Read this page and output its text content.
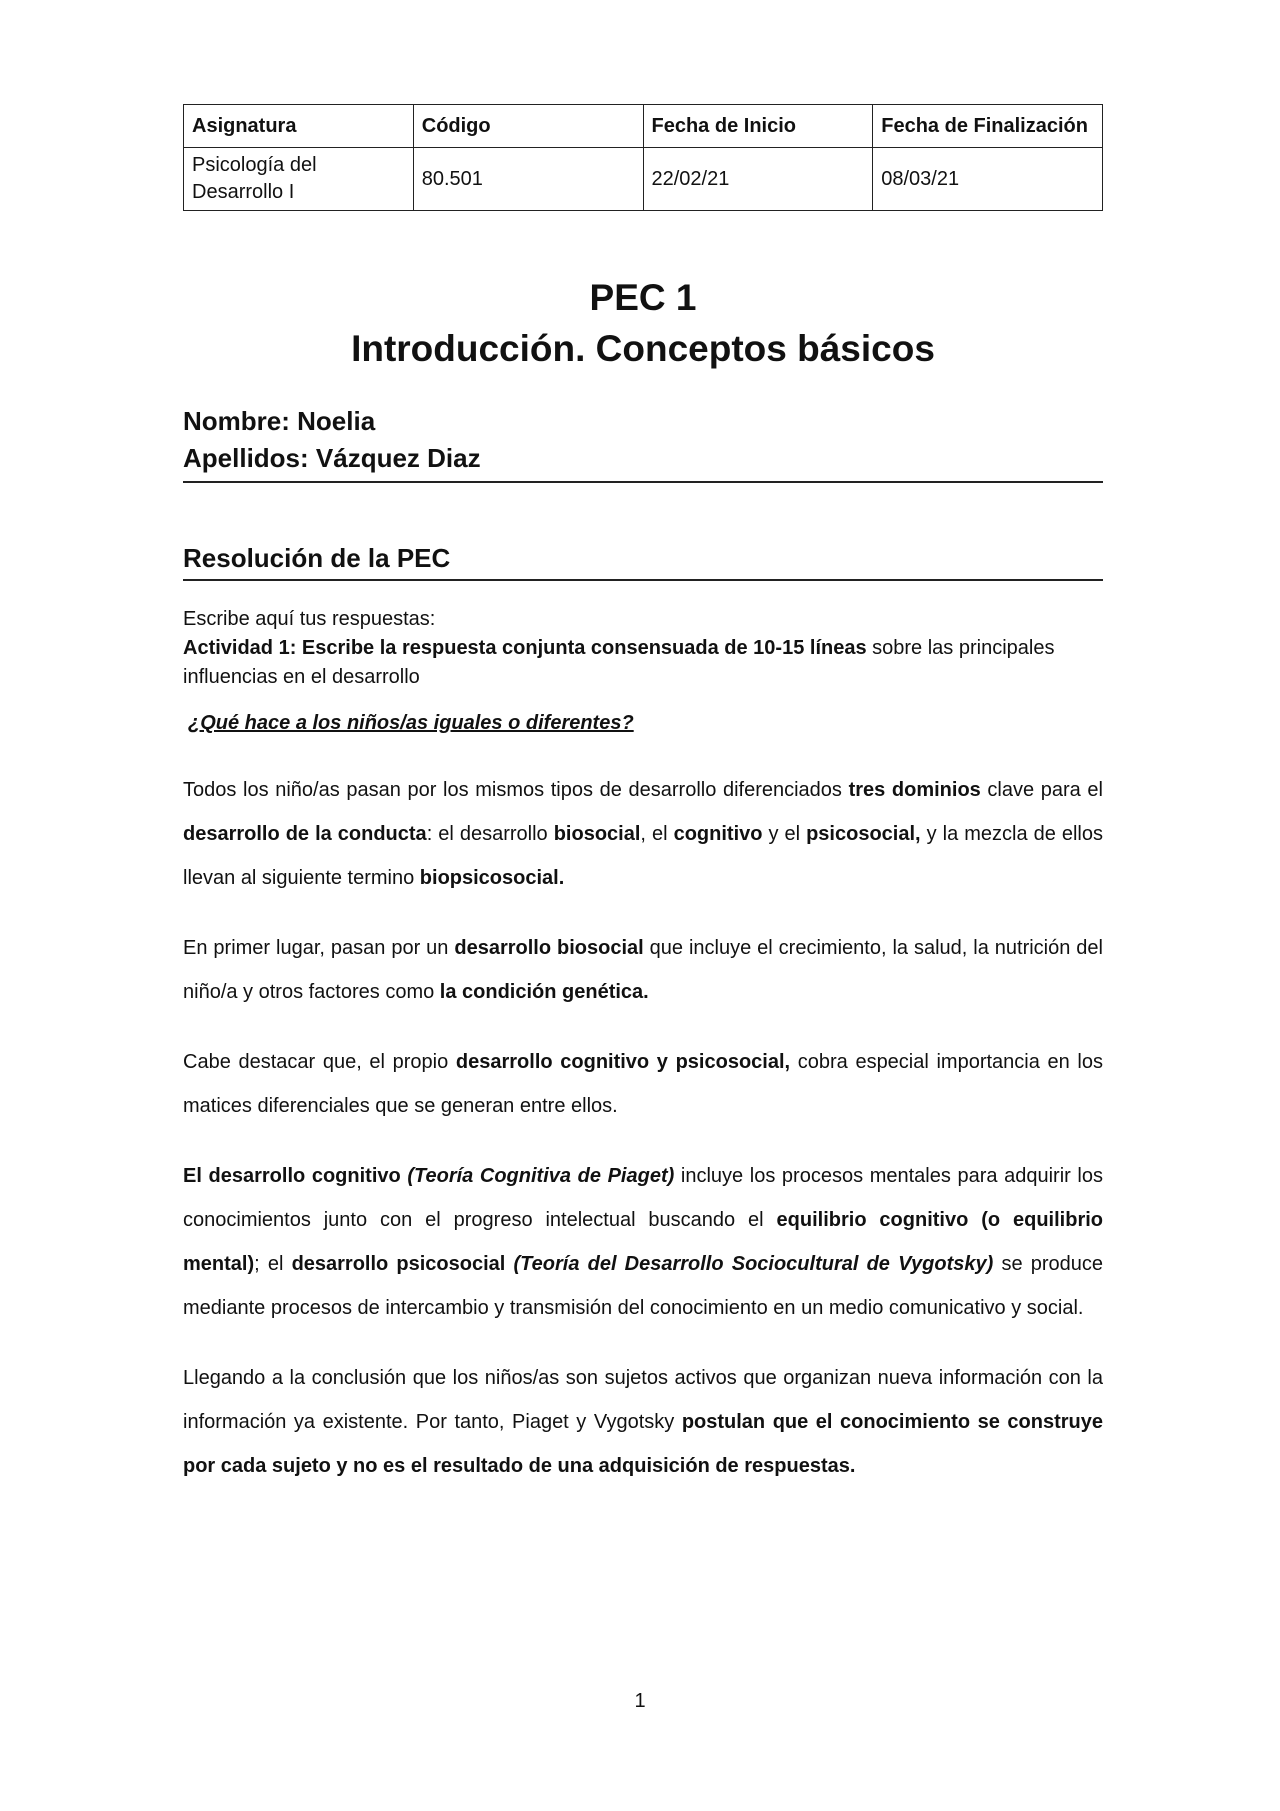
Asignatura	Código	Fecha de Inicio	Fecha de Finalización
Psicología del Desarrollo I	80.501	22/02/21	08/03/21
PEC 1
Introducción. Conceptos básicos
Nombre: Noelia
Apellidos: Vázquez Diaz
Resolución de la PEC
Escribe aquí tus respuestas:
Actividad 1: Escribe la respuesta conjunta consensuada de 10-15 líneas sobre las principales influencias en el desarrollo
¿Qué hace a los niños/as iguales o diferentes?

Todos los niño/as pasan por los mismos tipos de desarrollo diferenciados tres dominios clave para el desarrollo de la conducta: el desarrollo biosocial, el cognitivo y el psicosocial, y la mezcla de ellos llevan al siguiente termino biopsicosocial.

En primer lugar, pasan por un desarrollo biosocial que incluye el crecimiento, la salud, la nutrición del niño/a y otros factores como la condición genética.

Cabe destacar que, el propio desarrollo cognitivo y psicosocial, cobra especial importancia en los matices diferenciales que se generan entre ellos.

El desarrollo cognitivo (Teoría Cognitiva de Piaget) incluye los procesos mentales para adquirir los conocimientos junto con el progreso intelectual buscando el equilibrio cognitivo (o equilibrio mental); el desarrollo psicosocial (Teoría del Desarrollo Sociocultural de Vygotsky) se produce mediante procesos de intercambio y transmisión del conocimiento en un medio comunicativo y social.

Llegando a la conclusión que los niños/as son sujetos activos que organizan nueva información con la información ya existente. Por tanto, Piaget y Vygotsky postulan que el conocimiento se construye por cada sujeto y no es el resultado de una adquisición de respuestas.

1
